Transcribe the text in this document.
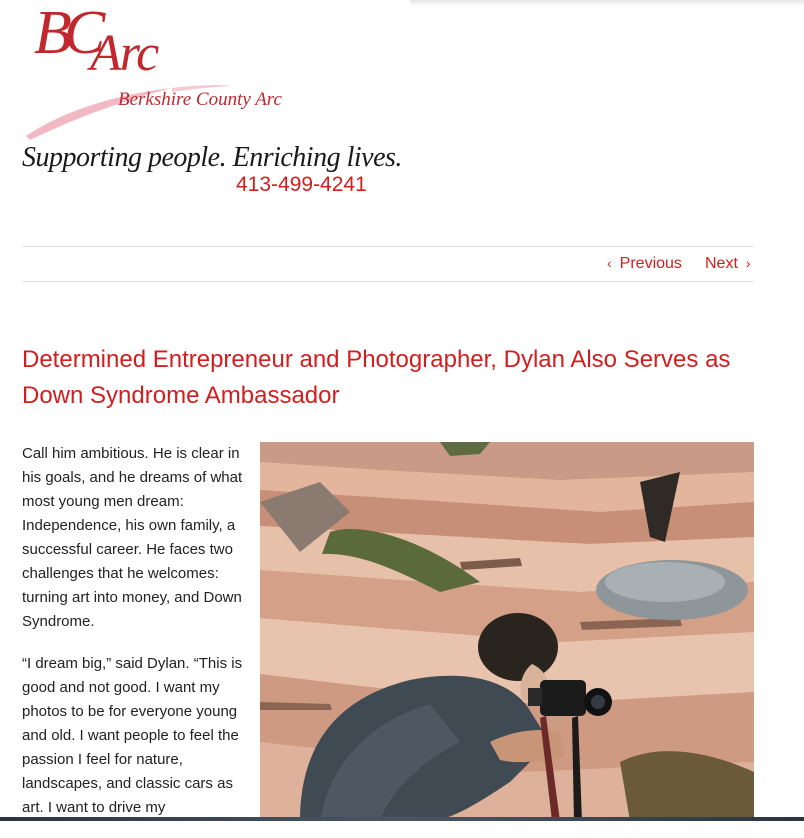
BC
Arc
Berkshire County Arc
Supporting people. Enriching lives.
413-499-4241
‹ Previous Next ›
Determined Entrepreneur and Photographer, Dylan Also Serves as Down Syndrome Ambassador

Call him ambitious. He is clear in his goals, and he dreams of what most young men dream: Independence, his own family, a successful career. He faces two challenges that he welcomes: turning art into money, and Down Syndrome.

“I dream big,” said Dylan. “This is good and not good. I want my photos to be for everyone young and old. I want people to feel the passion I feel for nature, landscapes, and classic cars as art. I want to drive my
